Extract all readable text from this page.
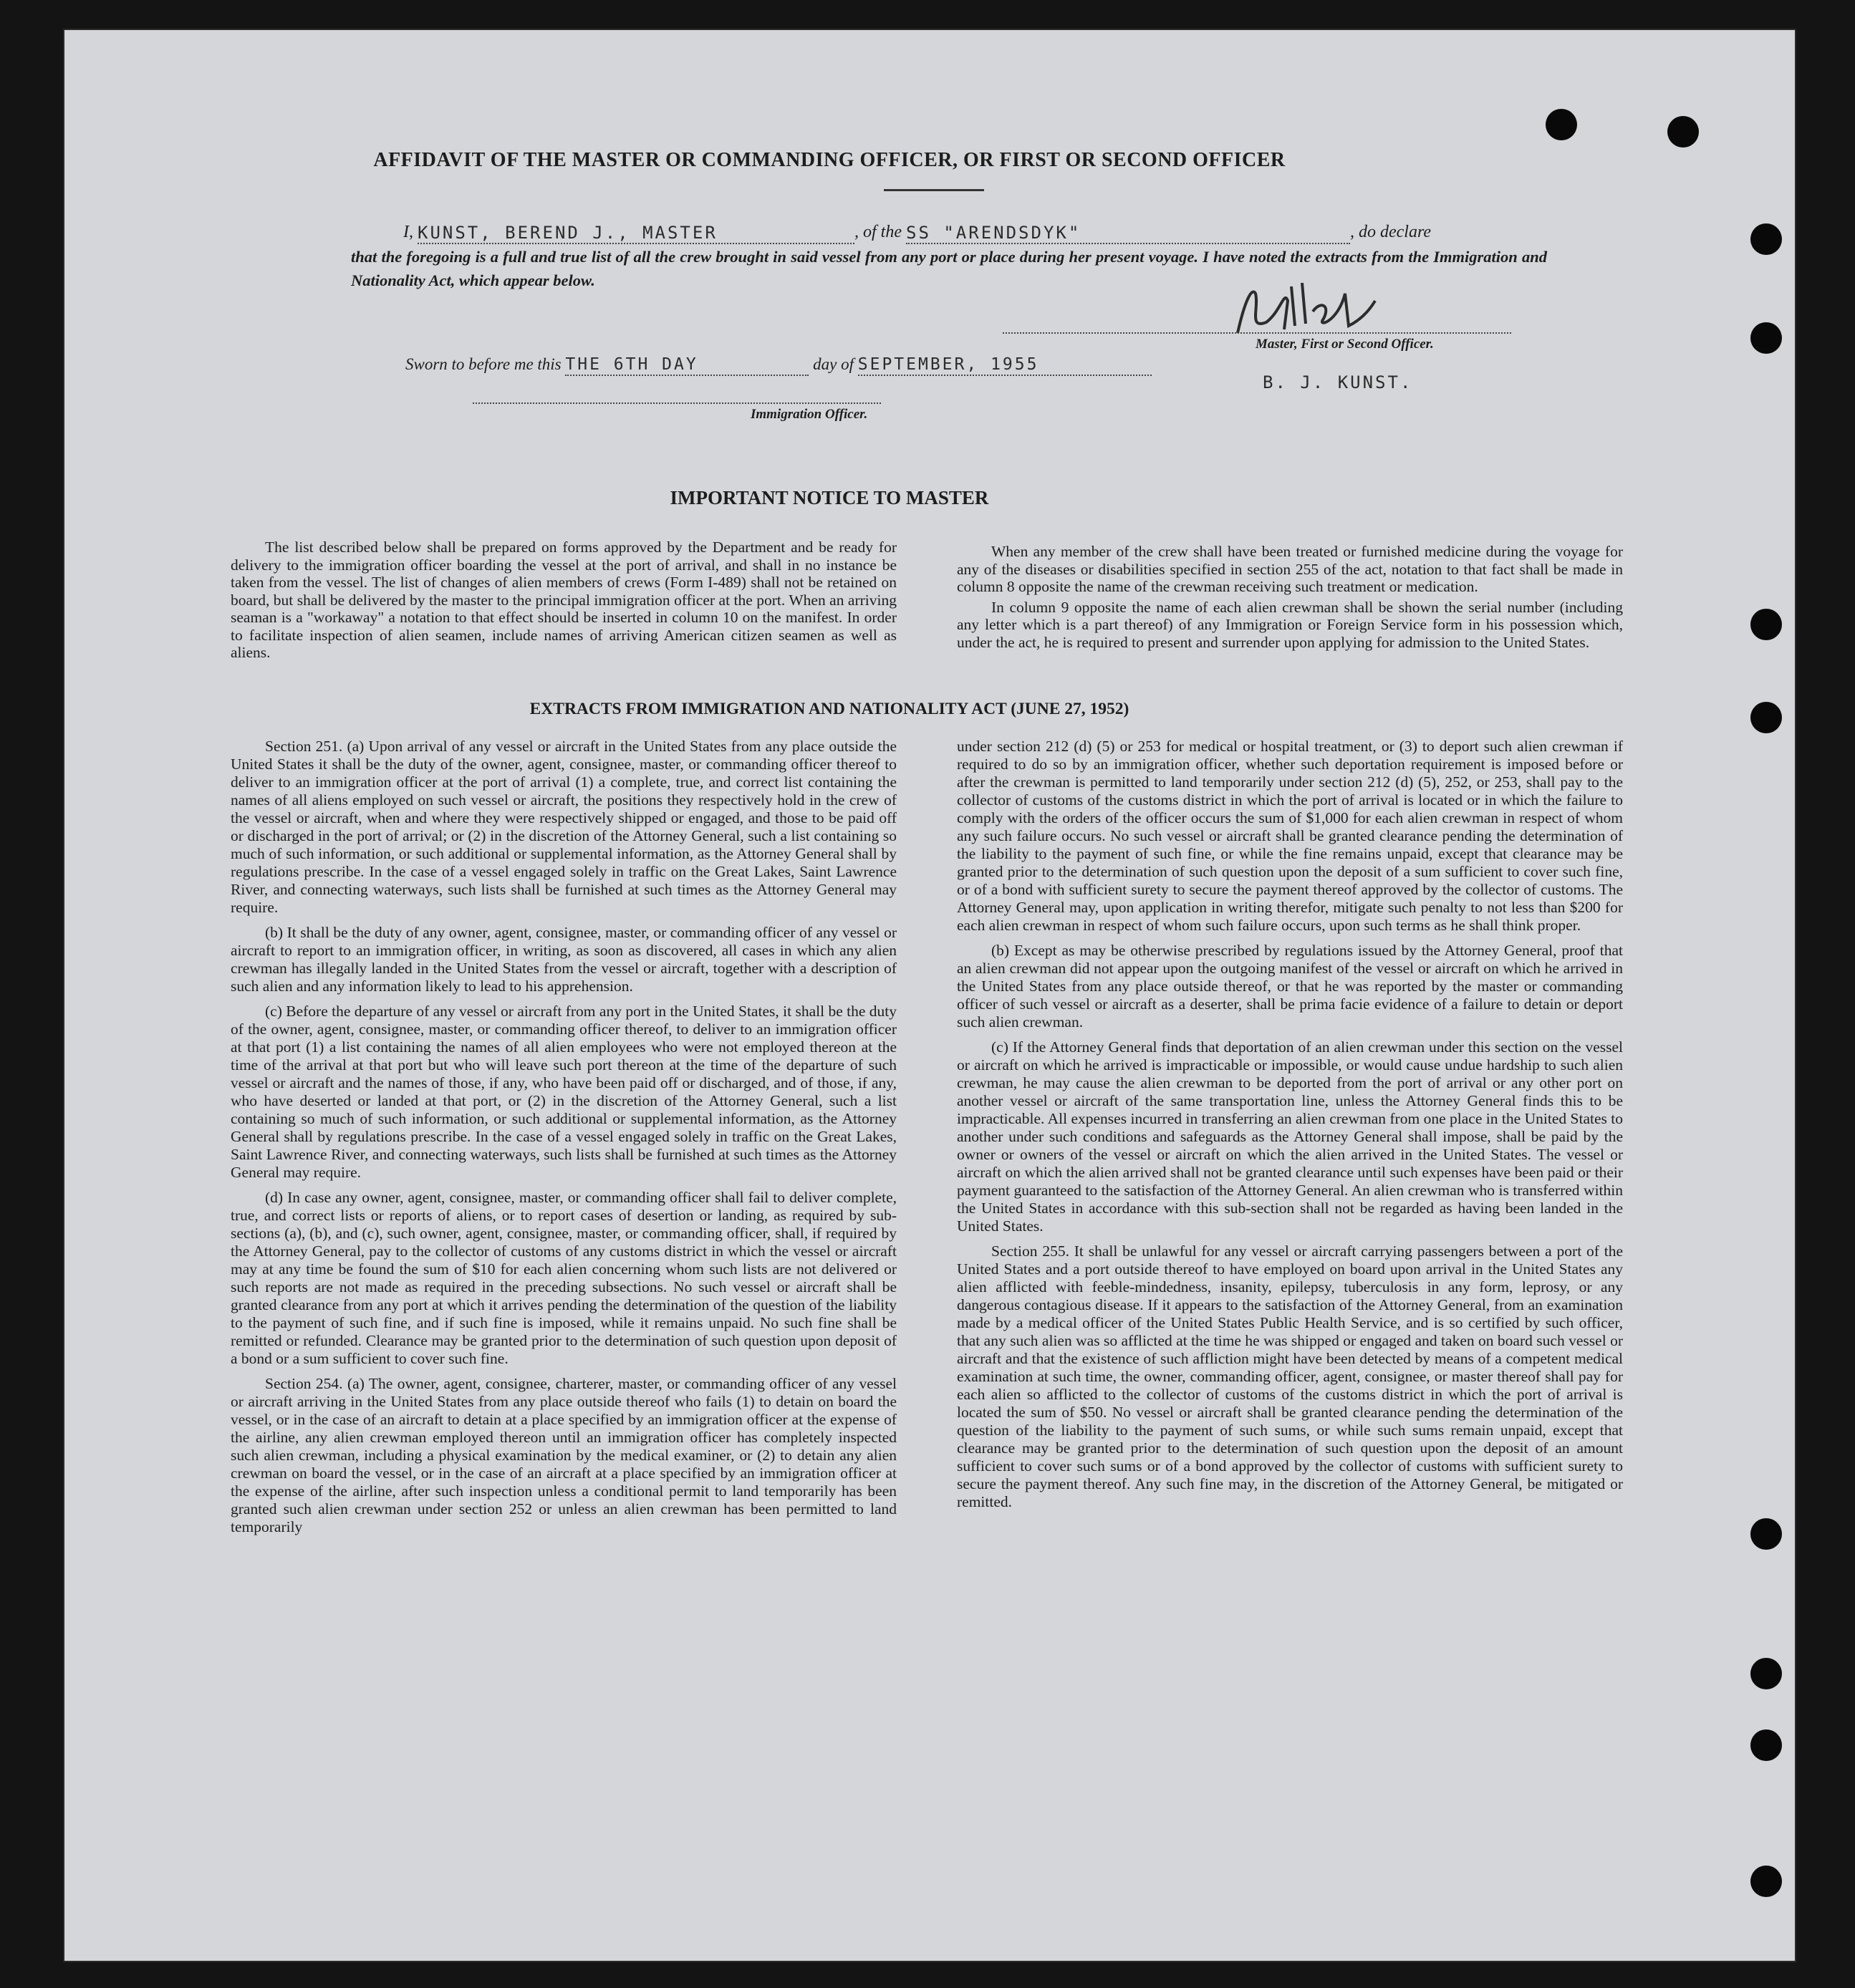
AFFIDAVIT OF THE MASTER OR COMMANDING OFFICER, OR FIRST OR SECOND OFFICER
I, KUNST, BEREND J., MASTER	, of the SS "ARENDSDYK"	, do declare
that the foregoing is a full and true list of all the crew brought in said vessel from any port or place during her present voyage. I have noted the extracts from the Immigration and Nationality Act, which appear below.
Master, First or Second Officer.
Sworn to before me this THE 6TH DAY	day of SEPTEMBER, 1955
B. J. KUNST.
Immigration Officer.
IMPORTANT NOTICE TO MASTER

The list described below shall be prepared on forms approved by the Department and be ready for delivery to the immigration officer boarding the vessel at the port of arrival, and shall in no instance be taken from the vessel. The list of changes of alien members of crews (Form I-489) shall not be retained on board, but shall be delivered by the master to the principal immigration officer at the port. When an arriving seaman is a "workaway" a notation to that effect should be inserted in column 10 on the manifest. In order to facilitate inspection of alien seamen, include names of arriving American citizen seamen as well as aliens.

When any member of the crew shall have been treated or furnished medicine during the voyage for any of the diseases or disabilities specified in section 255 of the act, notation to that fact shall be made in column 8 opposite the name of the crewman receiving such treatment or medication.

In column 9 opposite the name of each alien crewman shall be shown the serial number (including any letter which is a part thereof) of any Immigration or Foreign Service form in his possession which, under the act, he is required to present and surrender upon applying for admission to the United States.

EXTRACTS FROM IMMIGRATION AND NATIONALITY ACT (JUNE 27, 1952)

Section 251. (a) Upon arrival of any vessel or aircraft in the United States from any place outside the United States it shall be the duty of the owner, agent, consignee, master, or commanding officer thereof to deliver to an immigration officer at the port of arrival (1) a complete, true, and correct list containing the names of all aliens employed on such vessel or aircraft, the positions they respectively hold in the crew of the vessel or aircraft, when and where they were respectively shipped or engaged, and those to be paid off or discharged in the port of arrival; or (2) in the discretion of the Attorney General, such a list containing so much of such information, or such additional or supplemental information, as the Attorney General shall by regulations prescribe. In the case of a vessel engaged solely in traffic on the Great Lakes, Saint Lawrence River, and connecting waterways, such lists shall be furnished at such times as the Attorney General may require.

(b) It shall be the duty of any owner, agent, consignee, master, or commanding officer of any vessel or aircraft to report to an immigration officer, in writing, as soon as discovered, all cases in which any alien crewman has illegally landed in the United States from the vessel or aircraft, together with a description of such alien and any information likely to lead to his apprehension.

(c) Before the departure of any vessel or aircraft from any port in the United States, it shall be the duty of the owner, agent, consignee, master, or commanding officer thereof, to deliver to an immigration officer at that port (1) a list containing the names of all alien employees who were not employed thereon at the time of the arrival at that port but who will leave such port thereon at the time of the departure of such vessel or aircraft and the names of those, if any, who have been paid off or discharged, and of those, if any, who have deserted or landed at that port, or (2) in the discretion of the Attorney General, such a list containing so much of such information, or such additional or supplemental information, as the Attorney General shall by regulations prescribe. In the case of a vessel engaged solely in traffic on the Great Lakes, Saint Lawrence River, and connecting waterways, such lists shall be furnished at such times as the Attorney General may require.

(d) In case any owner, agent, consignee, master, or commanding officer shall fail to deliver complete, true, and correct lists or reports of aliens, or to report cases of desertion or landing, as required by sub-sections (a), (b), and (c), such owner, agent, consignee, master, or commanding officer, shall, if required by the Attorney General, pay to the collector of customs of any customs district in which the vessel or aircraft may at any time be found the sum of $10 for each alien concerning whom such lists are not delivered or such reports are not made as required in the preceding subsections. No such vessel or aircraft shall be granted clearance from any port at which it arrives pending the determination of the question of the liability to the payment of such fine, and if such fine is imposed, while it remains unpaid. No such fine shall be remitted or refunded. Clearance may be granted prior to the determination of such question upon deposit of a bond or a sum sufficient to cover such fine.

Section 254. (a) The owner, agent, consignee, charterer, master, or commanding officer of any vessel or aircraft arriving in the United States from any place outside thereof who fails (1) to detain on board the vessel, or in the case of an aircraft to detain at a place specified by an immigration officer at the expense of the airline, any alien crewman employed thereon until an immigration officer has completely inspected such alien crewman, including a physical examination by the medical examiner, or (2) to detain any alien crewman on board the vessel, or in the case of an aircraft at a place specified by an immigration officer at the expense of the airline, after such inspection unless a conditional permit to land temporarily has been granted such alien crewman under section 252 or unless an alien crewman has been permitted to land temporarily

under section 212 (d) (5) or 253 for medical or hospital treatment, or (3) to deport such alien crewman if required to do so by an immigration officer, whether such deportation requirement is imposed before or after the crewman is permitted to land temporarily under section 212 (d) (5), 252, or 253, shall pay to the collector of customs of the customs district in which the port of arrival is located or in which the failure to comply with the orders of the officer occurs the sum of $1,000 for each alien crewman in respect of whom any such failure occurs. No such vessel or aircraft shall be granted clearance pending the determination of the liability to the payment of such fine, or while the fine remains unpaid, except that clearance may be granted prior to the determination of such question upon the deposit of a sum sufficient to cover such fine, or of a bond with sufficient surety to secure the payment thereof approved by the collector of customs. The Attorney General may, upon application in writing therefor, mitigate such penalty to not less than $200 for each alien crewman in respect of whom such failure occurs, upon such terms as he shall think proper.

(b) Except as may be otherwise prescribed by regulations issued by the Attorney General, proof that an alien crewman did not appear upon the outgoing manifest of the vessel or aircraft on which he arrived in the United States from any place outside thereof, or that he was reported by the master or commanding officer of such vessel or aircraft as a deserter, shall be prima facie evidence of a failure to detain or deport such alien crewman.

(c) If the Attorney General finds that deportation of an alien crewman under this section on the vessel or aircraft on which he arrived is impracticable or impossible, or would cause undue hardship to such alien crewman, he may cause the alien crewman to be deported from the port of arrival or any other port on another vessel or aircraft of the same transportation line, unless the Attorney General finds this to be impracticable. All expenses incurred in transferring an alien crewman from one place in the United States to another under such conditions and safeguards as the Attorney General shall impose, shall be paid by the owner or owners of the vessel or aircraft on which the alien arrived in the United States. The vessel or aircraft on which the alien arrived shall not be granted clearance until such expenses have been paid or their payment guaranteed to the satisfaction of the Attorney General. An alien crewman who is transferred within the United States in accordance with this sub-section shall not be regarded as having been landed in the United States.

Section 255. It shall be unlawful for any vessel or aircraft carrying passengers between a port of the United States and a port outside thereof to have employed on board upon arrival in the United States any alien afflicted with feeble-mindedness, insanity, epilepsy, tuberculosis in any form, leprosy, or any dangerous contagious disease. If it appears to the satisfaction of the Attorney General, from an examination made by a medical officer of the United States Public Health Service, and is so certified by such officer, that any such alien was so afflicted at the time he was shipped or engaged and taken on board such vessel or aircraft and that the existence of such affliction might have been detected by means of a competent medical examination at such time, the owner, commanding officer, agent, consignee, or master thereof shall pay for each alien so afflicted to the collector of customs of the customs district in which the port of arrival is located the sum of $50. No vessel or aircraft shall be granted clearance pending the determination of the question of the liability to the payment of such sums, or while such sums remain unpaid, except that clearance may be granted prior to the determination of such question upon the deposit of an amount sufficient to cover such sums or of a bond approved by the collector of customs with sufficient surety to secure the payment thereof. Any such fine may, in the discretion of the Attorney General, be mitigated or remitted.
